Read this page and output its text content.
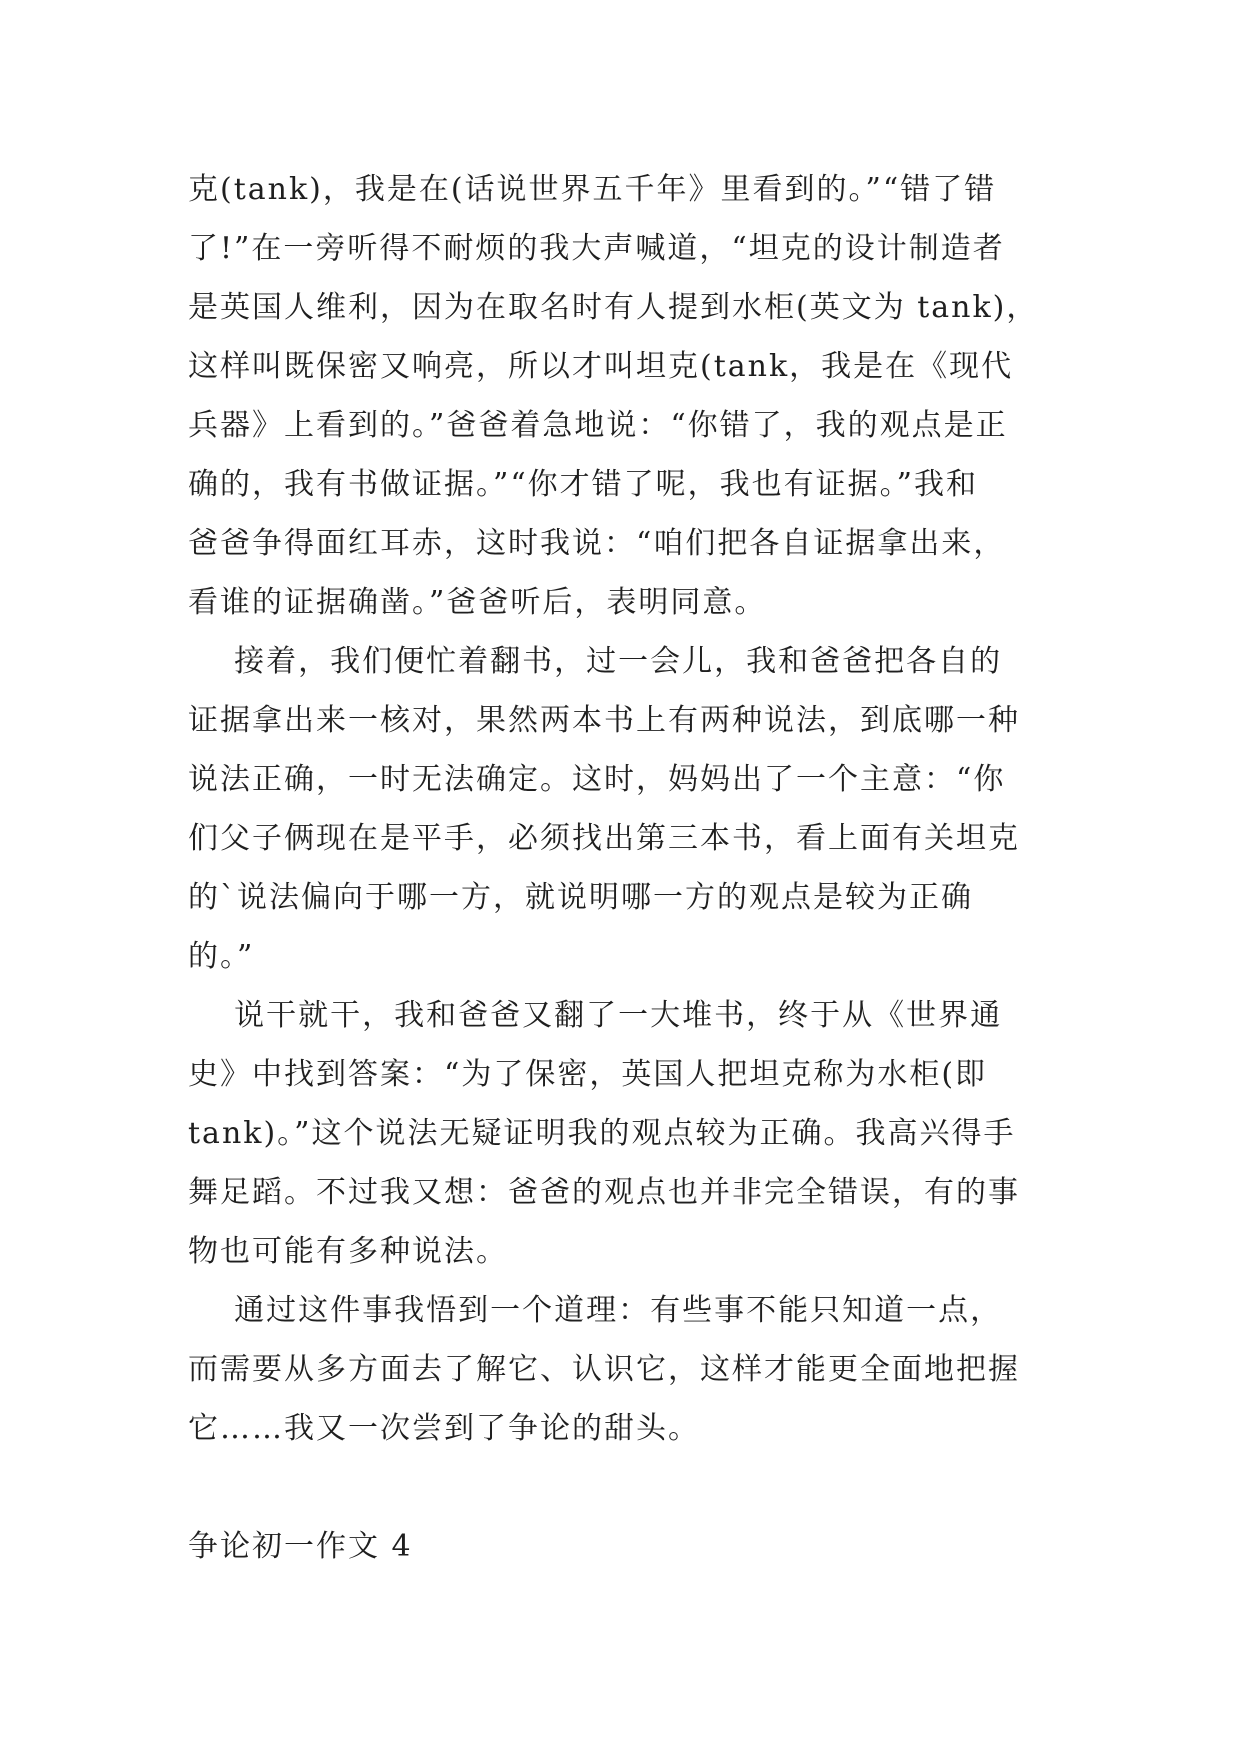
克(tank)，我是在(话说世界五千年》里看到的。”“错了错

了!”在一旁听得不耐烦的我大声喊道，“坦克的设计制造者

是英国人维利，因为在取名时有人提到水柜(英文为 tank)，

这样叫既保密又响亮，所以才叫坦克(tank，我是在《现代

兵器》上看到的。”爸爸着急地说：“你错了，我的观点是正

确的，我有书做证据。”“你才错了呢，我也有证据。”我和

爸爸争得面红耳赤，这时我说：“咱们把各自证据拿出来，

看谁的证据确凿。”爸爸听后，表明同意。

接着，我们便忙着翻书，过一会儿，我和爸爸把各自的

证据拿出来一核对，果然两本书上有两种说法，到底哪一种

说法正确，一时无法确定。这时，妈妈出了一个主意：“你

们父子俩现在是平手，必须找出第三本书，看上面有关坦克

的`说法偏向于哪一方，就说明哪一方的观点是较为正确

的。”

说干就干，我和爸爸又翻了一大堆书，终于从《世界通

史》中找到答案：“为了保密，英国人把坦克称为水柜(即

tank)。”这个说法无疑证明我的观点较为正确。我高兴得手

舞足蹈。不过我又想：爸爸的观点也并非完全错误，有的事

物也可能有多种说法。

通过这件事我悟到一个道理：有些事不能只知道一点，

而需要从多方面去了解它、认识它，这样才能更全面地把握

它……我又一次尝到了争论的甜头。

争论初一作文 4
